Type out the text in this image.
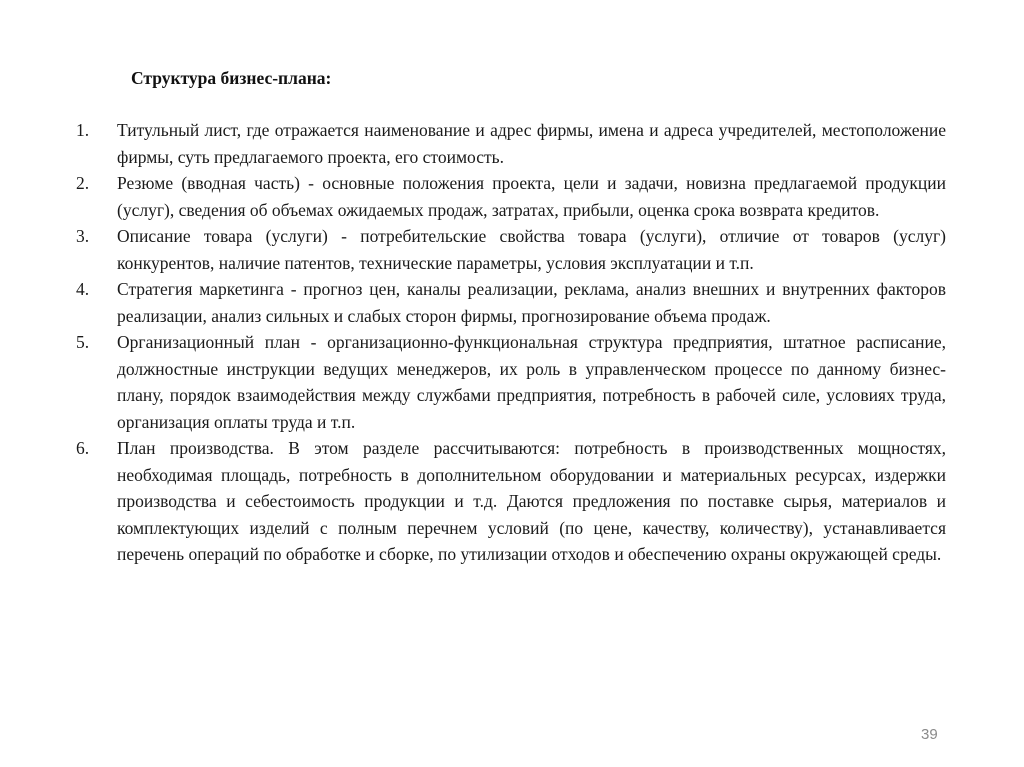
Структура бизнес-плана:
1.	Титульный лист, где отражается наименование и адрес фирмы, имена и адреса учредителей, местоположение фирмы, суть предлагаемого проекта, его стоимость.
2.	Резюме (вводная часть) - основные положения проекта, цели и задачи, новизна предлагаемой продукции (услуг), сведения об объемах ожидаемых продаж, затратах, прибыли, оценка срока возврата кредитов.
3.	Описание товара (услуги) - потребительские свойства товара (услуги), отличие от товаров (услуг) конкурентов, наличие патентов, технические параметры, условия эксплуатации и т.п.
4.	Стратегия маркетинга - прогноз цен, каналы реализации, реклама, анализ внешних и внутренних факторов реализации, анализ сильных и слабых сторон фирмы, прогнозирование объема продаж.
5.	Организационный план - организационно-функциональная структура предприятия, штатное расписание, должностные инструкции ведущих менеджеров, их роль в управленческом процессе по данному бизнес-плану, порядок взаимодействия между службами предприятия, потребность в рабочей силе, условиях труда, организация оплаты труда и т.п.
6.	План производства. В этом разделе рассчитываются: потребность в производственных мощностях, необходимая площадь, потребность в дополнительном оборудовании и материальных ресурсах, издержки производства и себестоимость продукции и т.д. Даются предложения по поставке сырья, материалов и комплектующих изделий с полным перечнем условий (по цене, качеству, количеству), устанавливается перечень операций по обработке и сборке, по утилизации отходов и обеспечению охраны окружающей среды.
39
